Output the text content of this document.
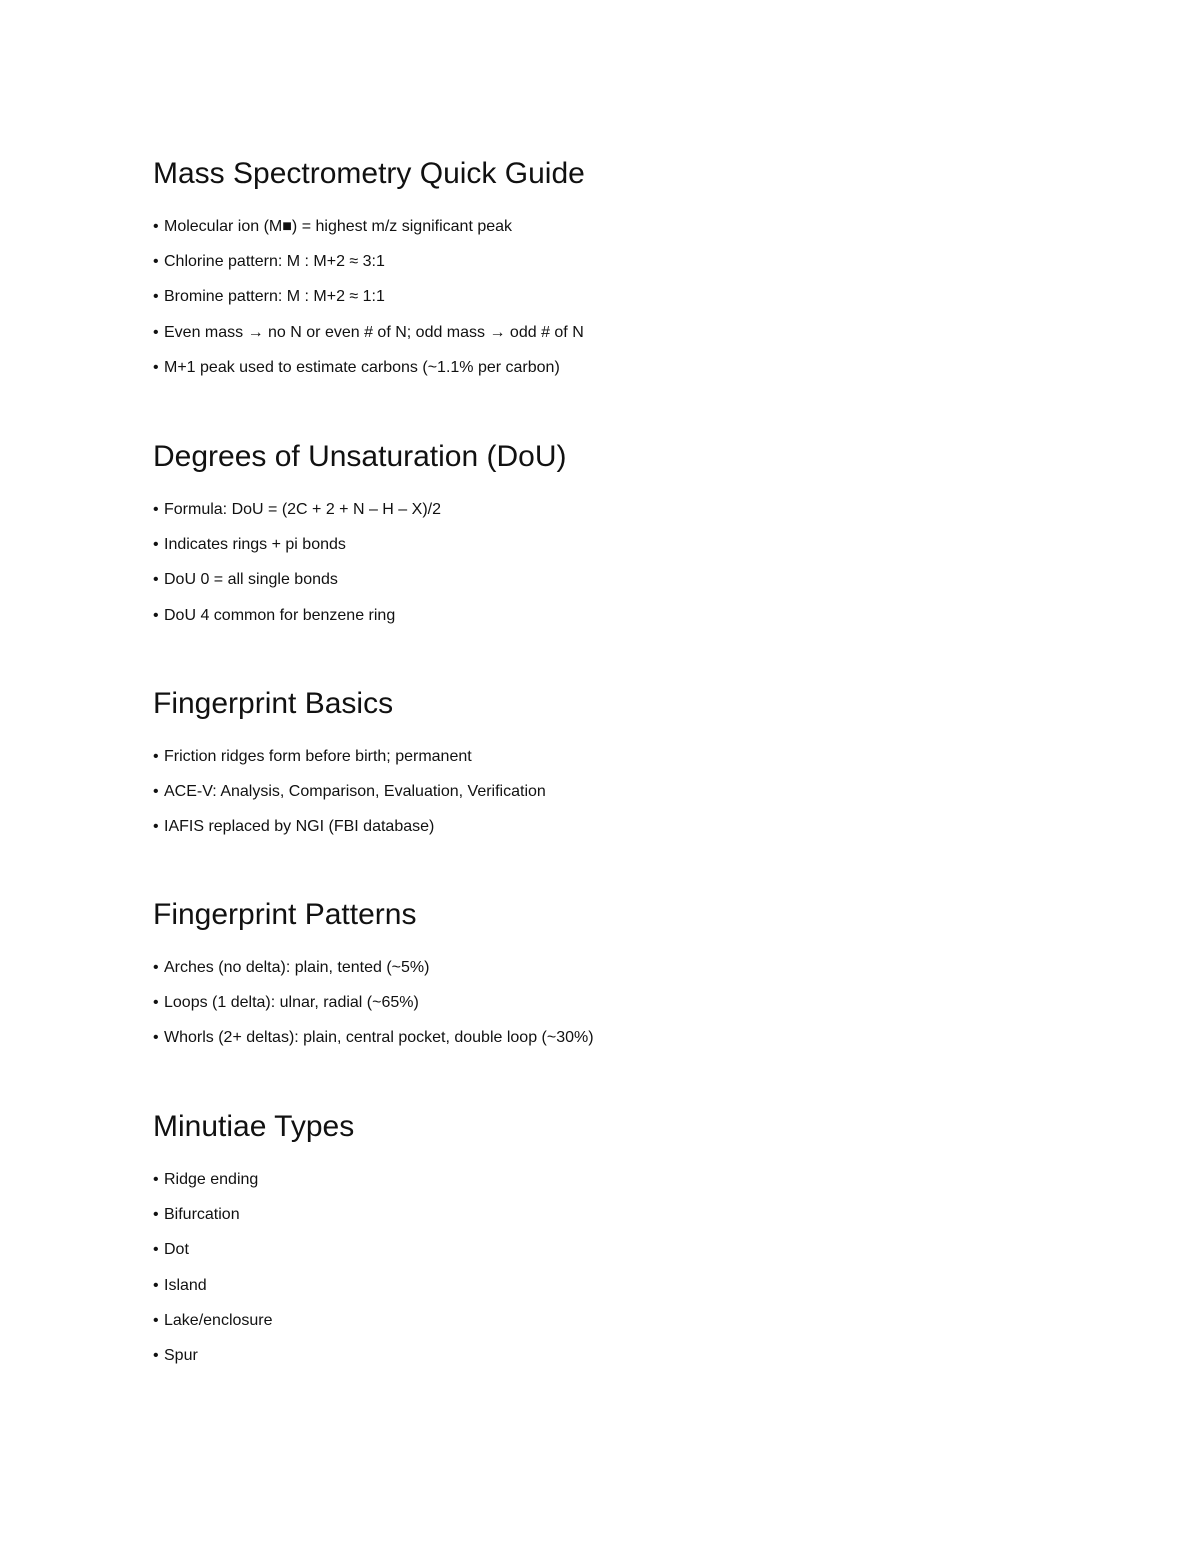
Mass Spectrometry Quick Guide
• Molecular ion (M■) = highest m/z significant peak
• Chlorine pattern: M : M+2 ≈ 3:1
• Bromine pattern: M : M+2 ≈ 1:1
• Even mass → no N or even # of N; odd mass → odd # of N
• M+1 peak used to estimate carbons (~1.1% per carbon)
Degrees of Unsaturation (DoU)
• Formula: DoU = (2C + 2 + N – H – X)/2
• Indicates rings + pi bonds
• DoU 0 = all single bonds
• DoU 4 common for benzene ring
Fingerprint Basics
• Friction ridges form before birth; permanent
• ACE-V: Analysis, Comparison, Evaluation, Verification
• IAFIS replaced by NGI (FBI database)
Fingerprint Patterns
• Arches (no delta): plain, tented (~5%)
• Loops (1 delta): ulnar, radial (~65%)
• Whorls (2+ deltas): plain, central pocket, double loop (~30%)
Minutiae Types
• Ridge ending
• Bifurcation
• Dot
• Island
• Lake/enclosure
• Spur
